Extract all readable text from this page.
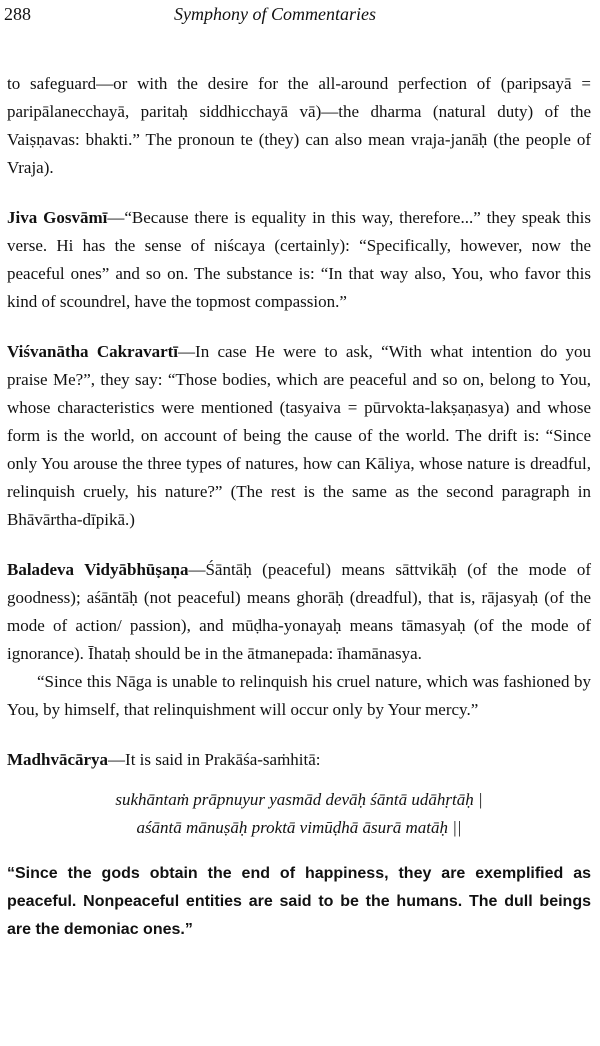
288	Symphony of Commentaries

to safeguard—or with the desire for the all-around perfection of (paripsayā = paripālanecchayā, paritaḥ siddhicchayā vā)—the dharma (natural duty) of the Vaiṣṇavas: bhakti.” The pronoun te (they) can also mean vraja-janāḥ (the people of Vraja).

Jiva Gosvāmī—“Because there is equality in this way, therefore...” they speak this verse. Hi has the sense of niścaya (certainly): “Specifically, however, now the peaceful ones” and so on. The substance is: “In that way also, You, who favor this kind of scoundrel, have the topmost compassion.”

Viśvanātha Cakravartī—In case He were to ask, “With what intention do you praise Me?”, they say: “Those bodies, which are peaceful and so on, belong to You, whose characteristics were mentioned (tasyaiva = pūrvokta-lakṣaṇasya) and whose form is the world, on account of being the cause of the world. The drift is: “Since only You arouse the three types of natures, how can Kāliya, whose nature is dreadful, relinquish cruely, his nature?” (The rest is the same as the second paragraph in Bhāvārtha-dīpikā.)

Baladeva Vidyābhūṣaṇa—Śāntāḥ (peaceful) means sāttvikāḥ (of the mode of goodness); aśāntāḥ (not peaceful) means ghorāḥ (dreadful), that is, rājasyaḥ (of the mode of action/ passion), and mūḍha-yonayaḥ means tāmasyaḥ (of the mode of ignorance). Īhataḥ should be in the ātmanepada: īhamānasya.

“Since this Nāga is unable to relinquish his cruel nature, which was fashioned by You, by himself, that relinquishment will occur only by Your mercy.”

Madhvācārya—It is said in Prakāśa-saṁhitā:

sukhāntaṁ prāpnuyur yasmād devāḥ śāntā udāhṛtāḥ |
aśāntā mānuṣāḥ proktā vimūḍhā āsurā matāḥ ||

“Since the gods obtain the end of happiness, they are exemplified as peaceful. Nonpeaceful entities are said to be the humans. The dull beings are the demoniac ones.”
